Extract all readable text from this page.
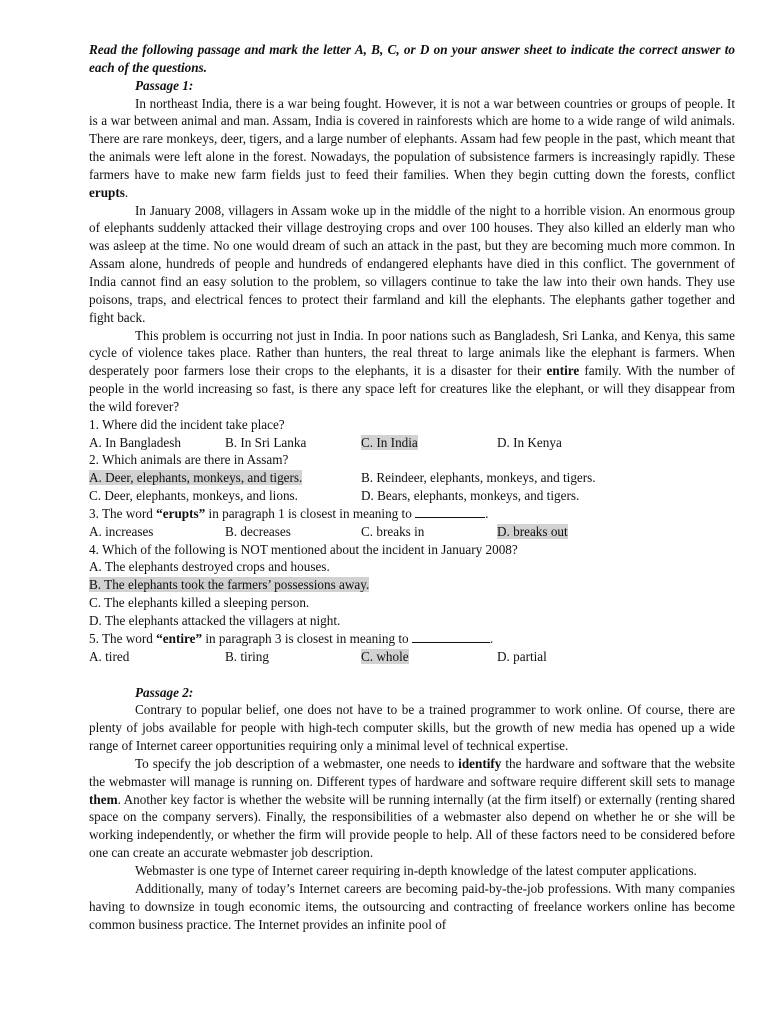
Read the following passage and mark the letter A, B, C, or D on your answer sheet to indicate the correct answer to each of the questions.
Passage 1:
In northeast India, there is a war being fought. However, it is not a war between countries or groups of people. It is a war between animal and man. Assam, India is covered in rainforests which are home to a wide range of wild animals. There are rare monkeys, deer, tigers, and a large number of elephants. Assam had few people in the past, which meant that the animals were left alone in the forest. Nowadays, the population of subsistence farmers is increasingly rapidly. These farmers have to make new farm fields just to feed their families. When they begin cutting down the forests, conflict erupts.
In January 2008, villagers in Assam woke up in the middle of the night to a horrible vision. An enormous group of elephants suddenly attacked their village destroying crops and over 100 houses. They also killed an elderly man who was asleep at the time. No one would dream of such an attack in the past, but they are becoming much more common. In Assam alone, hundreds of people and hundreds of endangered elephants have died in this conflict. The government of India cannot find an easy solution to the problem, so villagers continue to take the law into their own hands. They use poisons, traps, and electrical fences to protect their farmland and kill the elephants. The elephants gather together and fight back.
This problem is occurring not just in India. In poor nations such as Bangladesh, Sri Lanka, and Kenya, this same cycle of violence takes place. Rather than hunters, the real threat to large animals like the elephant is farmers. When desperately poor farmers lose their crops to the elephants, it is a disaster for their entire family. With the number of people in the world increasing so fast, is there any space left for creatures like the elephant, or will they disappear from the wild forever?
1. Where did the incident take place?
A. In Bangladesh	B. In Sri Lanka	C. In India	D. In Kenya
2. Which animals are there in Assam?
A. Deer, elephants, monkeys, and tigers.	B. Reindeer, elephants, monkeys, and tigers.
C. Deer, elephants, monkeys, and lions.	D. Bears, elephants, monkeys, and tigers.
3. The word “erupts” in paragraph 1 is closest in meaning to	.
A. increases	B. decreases	C. breaks in	D. breaks out
4. Which of the following is NOT mentioned about the incident in January 2008?
A. The elephants destroyed crops and houses.
B. The elephants took the farmers’ possessions away.
C. The elephants killed a sleeping person.
D. The elephants attacked the villagers at night.
5. The word “entire” in paragraph 3 is closest in meaning to	.
A. tired	B. tiring	C. whole	D. partial
Passage 2:
Contrary to popular belief, one does not have to be a trained programmer to work online. Of course, there are plenty of jobs available for people with high-tech computer skills, but the growth of new media has opened up a wide range of Internet career opportunities requiring only a minimal level of technical expertise.
To specify the job description of a webmaster, one needs to identify the hardware and software that the website the webmaster will manage is running on. Different types of hardware and software require different skill sets to manage them. Another key factor is whether the website will be running internally (at the firm itself) or externally (renting shared space on the company servers). Finally, the responsibilities of a webmaster also depend on whether he or she will be working independently, or whether the firm will provide people to help. All of these factors need to be considered before one can create an accurate webmaster job description.
Webmaster is one type of Internet career requiring in-depth knowledge of the latest computer applications.
Additionally, many of today’s Internet careers are becoming paid-by-the-job professions. With many companies having to downsize in tough economic items, the outsourcing and contracting of freelance workers online has become common business practice. The Internet provides an infinite pool of
